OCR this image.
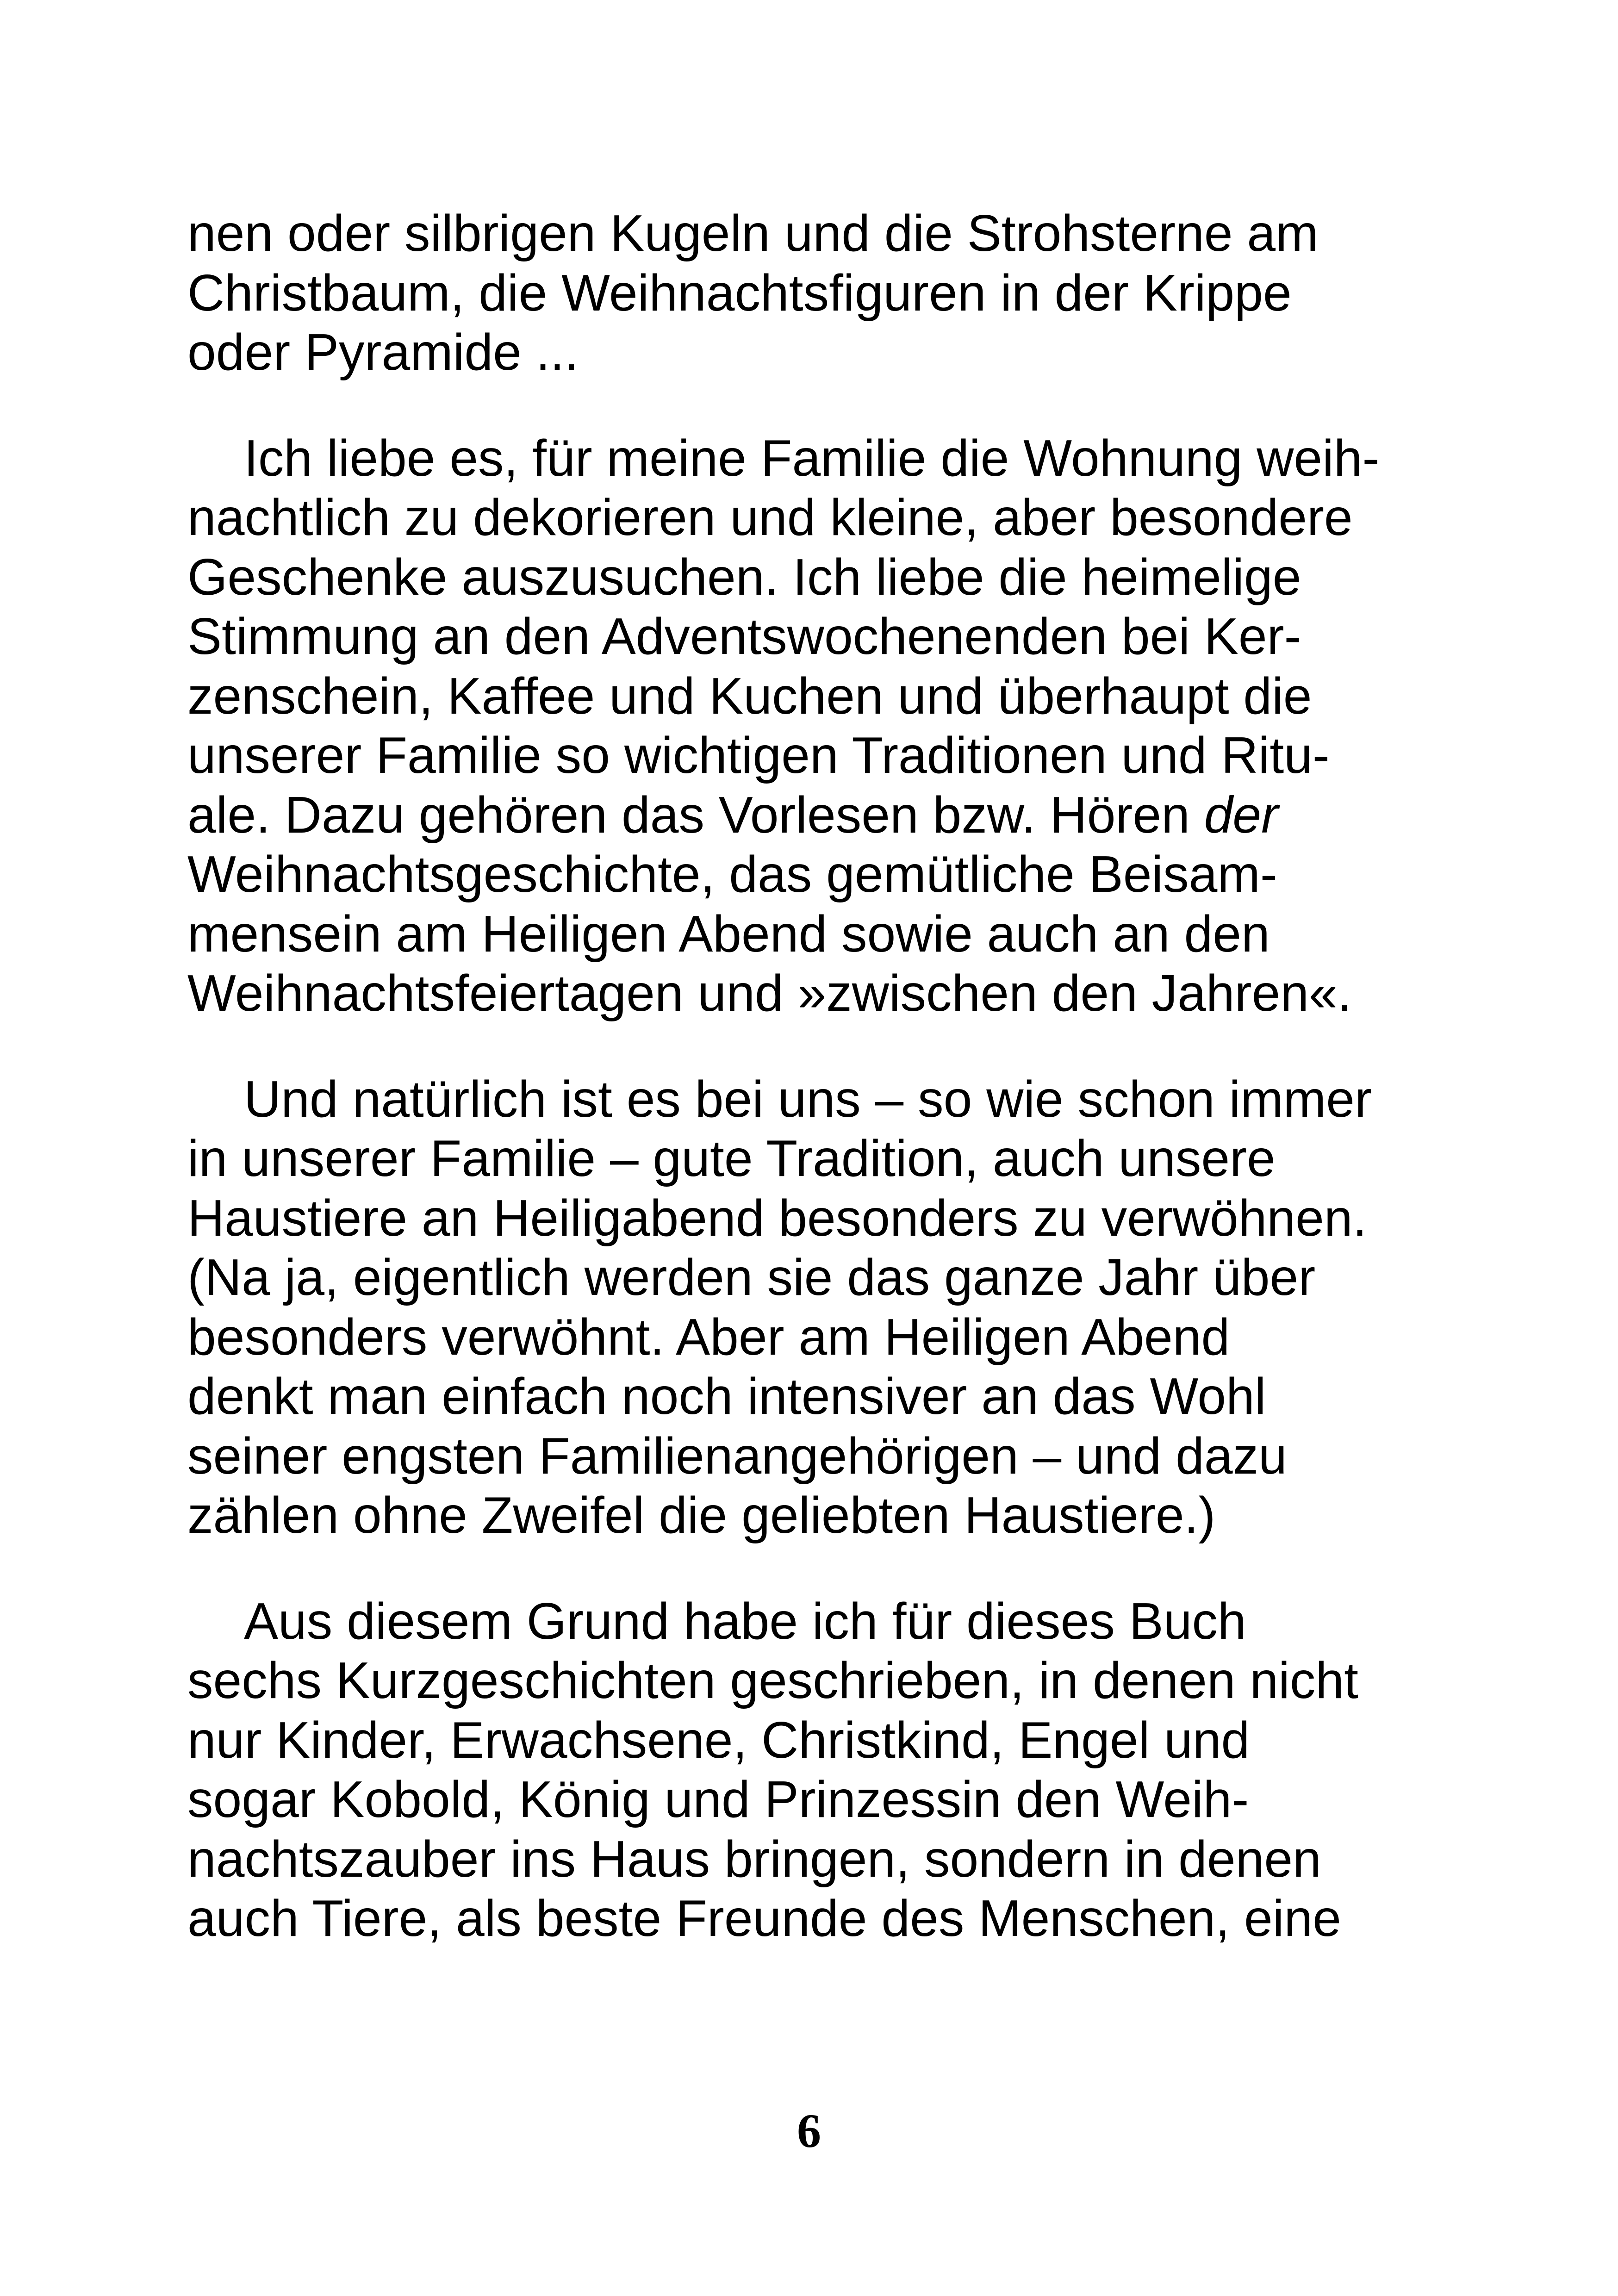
nen oder silbrigen Kugeln und die Strohsterne am
Christbaum, die Weihnachtsfiguren in der Krippe
oder Pyramide ...
Ich liebe es, für meine Familie die Wohnung weih-
nachtlich zu dekorieren und kleine, aber besondere
Geschenke auszusuchen. Ich liebe die heimelige
Stimmung an den Adventswochenenden bei Ker-
zenschein, Kaffee und Kuchen und überhaupt die
unserer Familie so wichtigen Traditionen und Ritu-
ale. Dazu gehören das Vorlesen bzw. Hören der
Weihnachtsgeschichte, das gemütliche Beisam-
mensein am Heiligen Abend sowie auch an den
Weihnachtsfeiertagen und »zwischen den Jahren«.
Und natürlich ist es bei uns – so wie schon immer
in unserer Familie – gute Tradition, auch unsere
Haustiere an Heiligabend besonders zu verwöhnen.
(Na ja, eigentlich werden sie das ganze Jahr über
besonders verwöhnt. Aber am Heiligen Abend
denkt man einfach noch intensiver an das Wohl
seiner engsten Familienangehörigen – und dazu
zählen ohne Zweifel die geliebten Haustiere.)
Aus diesem Grund habe ich für dieses Buch
sechs Kurzgeschichten geschrieben, in denen nicht
nur Kinder, Erwachsene, Christkind, Engel und
sogar Kobold, König und Prinzessin den Weih-
nachtszauber ins Haus bringen, sondern in denen
auch Tiere, als beste Freunde des Menschen, eine
6
